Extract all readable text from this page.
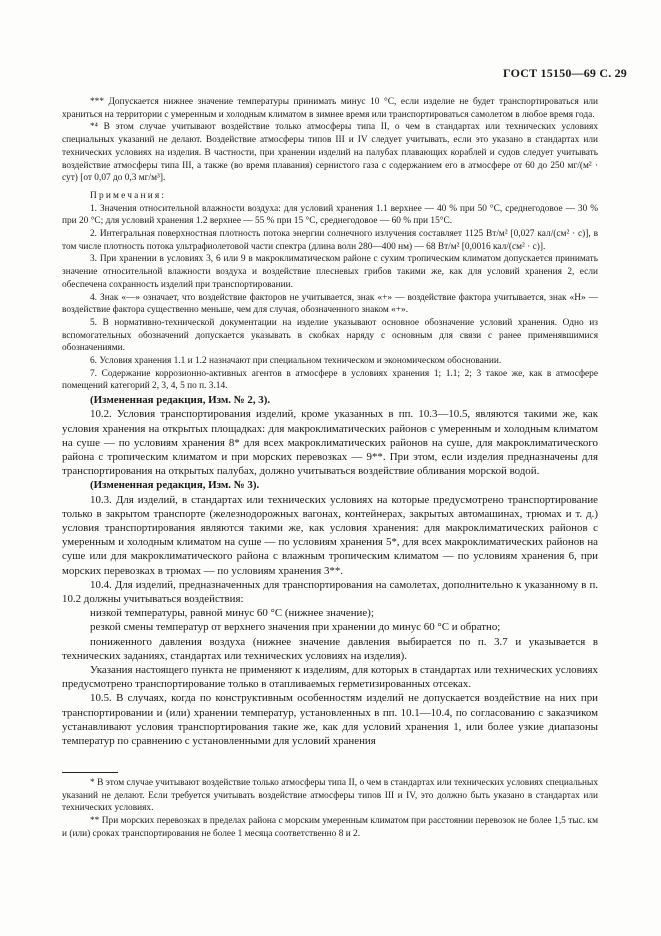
ГОСТ 15150—69 С. 29

*** Допускается нижнее значение температуры принимать минус 10 °С, если изделие не будет транспортироваться или храниться на территории с умеренным и холодным климатом в зимнее время или транспортироваться самолетом в любое время года.

*⁴ В этом случае учитывают воздействие только атмосферы типа II, о чем в стандартах или технических условиях специальных указаний не делают. Воздействие атмосферы типов III и IV следует учитывать, если это указано в стандартах или технических условиях на изделия. В частности, при хранении изделий на палубах плавающих кораблей и судов следует учитывать воздействие атмосферы типа III, а также (во время плавания) сернистого газа с содержанием его в атмосфере от 60 до 250 мг/(м² · сут) [от 0,07 до 0,3 мг/м³].

Примечания:

1. Значения относительной влажности воздуха: для условий хранения 1.1 верхнее — 40 % при 50 °С, среднегодовое — 30 % при 20 °С; для условий хранения 1.2 верхнее — 55 % при 15 °С, среднегодовое — 60 % при 15°С.

2. Интегральная поверхностная плотность потока энергии солнечного излучения составляет 1125 Вт/м² [0,027 кал/(см² · с)], в том числе плотность потока ультрафиолетовой части спектра (длина волн 280—400 нм) — 68 Вт/м² [0,0016 кал/(см² · с)].

3. При хранении в условиях 3, 6 или 9 в макроклиматическом районе с сухим тропическим климатом допускается принимать значение относительной влажности воздуха и воздействие плесневых грибов такими же, как для условий хранения 2, если обеспечена сохранность изделий при транспортировании.

4. Знак «—» означает, что воздействие факторов не учитывается, знак «+» — воздействие фактора учитывается, знак «Н» — воздействие фактора существенно меньше, чем для случая, обозначенного знаком «+».

5. В нормативно-технической документации на изделие указывают основное обозначение условий хранения. Одно из вспомогательных обозначений допускается указывать в скобках наряду с основным для связи с ранее применявшимися обозначениями.

6. Условия хранения 1.1 и 1.2 назначают при специальном техническом и экономическом обосновании.

7. Содержание коррозионно-активных агентов в атмосфере в условиях хранения 1; 1.1; 2; 3 такое же, как в атмосфере помещений категорий 2, 3, 4, 5 по п. 3.14.

(Измененная редакция, Изм. № 2, 3).

10.2. Условия транспортирования изделий, кроме указанных в пп. 10.3—10.5, являются такими же, как условия хранения на открытых площадках: для макроклиматических районов с умеренным и холодным климатом на суше — по условиям хранения 8* для всех макроклиматических районов на суше, для макроклиматического района с тропическим климатом и при морских перевозках — 9**. При этом, если изделия предназначены для транспортирования на открытых палубах, должно учитываться воздействие обливания морской водой.

(Измененная редакция, Изм. № 3).

10.3. Для изделий, в стандартах или технических условиях на которые предусмотрено транспортирование только в закрытом транспорте (железнодорожных вагонах, контейнерах, закрытых автомашинах, трюмах и т. д.) условия транспортирования являются такими же, как условия хранения: для макроклиматических районов с умеренным и холодным климатом на суше — по условиям хранения 5*, для всех макроклиматических районов на суше или для макроклиматического района с влажным тропическим климатом — по условиям хранения 6, при морских перевозках в трюмах — по условиям хранения 3**.

10.4. Для изделий, предназначенных для транспортирования на самолетах, дополнительно к указанному в п. 10.2 должны учитываться воздействия:

низкой температуры, равной минус 60 °С (нижнее значение);

резкой смены температур от верхнего значения при хранении до минус 60 °С и обратно;

пониженного давления воздуха (нижнее значение давления выбирается по п. 3.7 и указывается в технических заданиях, стандартах или технических условиях на изделия).

Указания настоящего пункта не применяют к изделиям, для которых в стандартах или технических условиях предусмотрено транспортирование только в отапливаемых герметизированных отсеках.

10.5. В случаях, когда по конструктивным особенностям изделий не допускается воздействие на них при транспортировании и (или) хранении температур, установленных в пп. 10.1—10.4, по согласованию с заказчиком устанавливают условия транспортирования такие же, как для условий хранения 1, или более узкие диапазоны температур по сравнению с установленными для условий хранения

* В этом случае учитывают воздействие только атмосферы типа II, о чем в стандартах или технических условиях специальных указаний не делают. Если требуется учитывать воздействие атмосферы типов III и IV, это должно быть указано в стандартах или технических условиях.

** При морских перевозках в пределах района с морским умеренным климатом при расстоянии перевозок не более 1,5 тыс. км и (или) сроках транспортирования не более 1 месяца соответственно 8 и 2.
